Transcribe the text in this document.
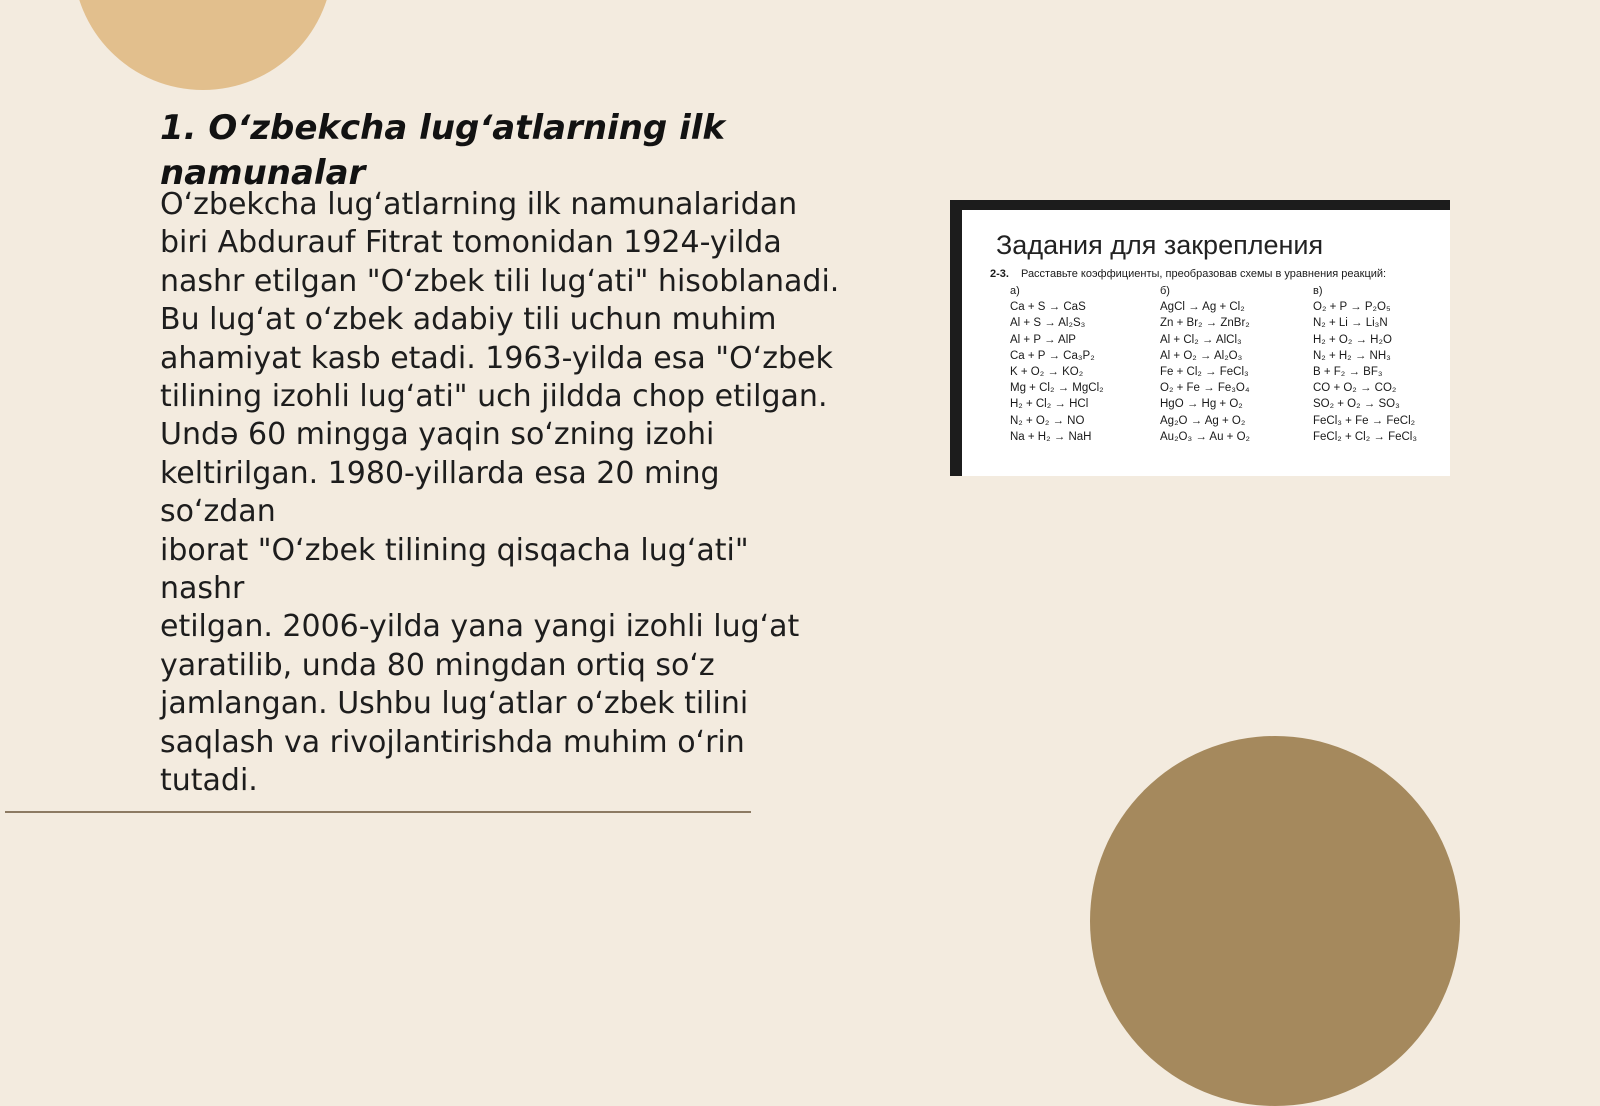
1. O‘zbekcha lug‘atlarning ilk
namunalar

O‘zbekcha lug‘atlarning ilk namunalaridan
biri Abdurauf Fitrat tomonidan 1924-yilda
nashr etilgan "O‘zbek tili lug‘ati" hisoblanadi.
Bu lug‘at o‘zbek adabiy tili uchun muhim
ahamiyat kasb etadi. 1963-yilda esa "O‘zbek
tilining izohli lug‘ati" uch jildda chop etilgan.
Undə 60 mingga yaqin so‘zning izohi
keltirilgan. 1980-yillarda esa 20 ming so‘zdan
iborat "O‘zbek tilining qisqacha lug‘ati" nashr
etilgan. 2006-yilda yana yangi izohli lug‘at
yaratilib, unda 80 mingdan ortiq so‘z
jamlangan. Ushbu lug‘atlar o‘zbek tilini
saqlash va rivojlantirishda muhim o‘rin
tutadi.

Задания для закрепления
2-3. Расставьте коэффициенты, преобразовав схемы в уравнения реакций:
а)
Ca + S → CaS
Al + S → Al₂S₃
Al + P → AlP
Ca + P → Ca₃P₂
K + O₂ → KO₂
Mg + Cl₂ → MgCl₂
H₂ + Cl₂ → HCl
N₂ + O₂ → NO
Na + H₂ → NaH
б)
AgCl → Ag + Cl₂
Zn + Br₂ → ZnBr₂
Al + Cl₂ → AlCl₃
Al + O₂ → Al₂O₃
Fe + Cl₂ → FeCl₃
O₂ + Fe → Fe₃O₄
HgO → Hg + O₂
Ag₂O → Ag + O₂
Au₂O₃ → Au + O₂
в)
O₂ + P → P₂O₅
N₂ + Li → Li₃N
H₂ + O₂ → H₂O
N₂ + H₂ → NH₃
B + F₂ → BF₃
CO + O₂ → CO₂
SO₂ + O₂ → SO₃
FeCl₃ + Fe → FeCl₂
FeCl₂ + Cl₂ → FeCl₃
